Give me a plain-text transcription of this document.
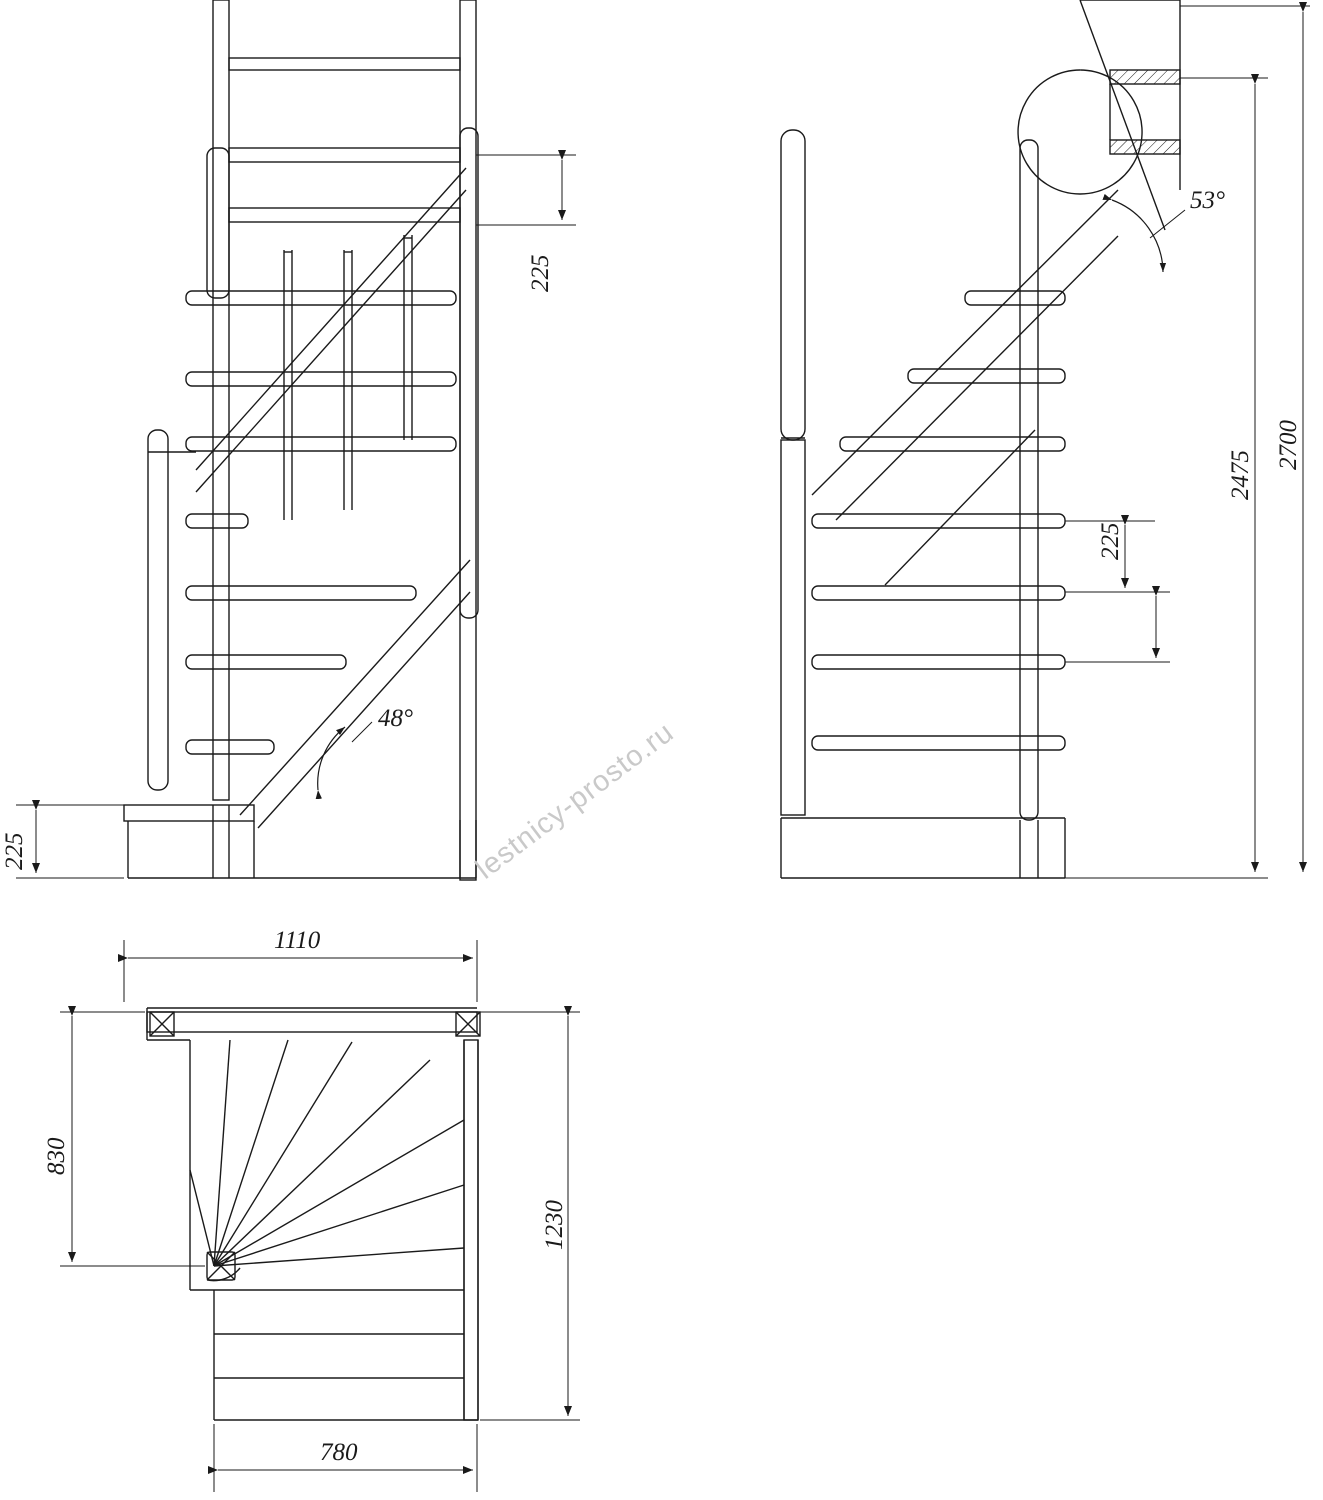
225
225
48°
225
2475
2700
53°
1110
830
1230
780
lestnicy-prosto.ru
